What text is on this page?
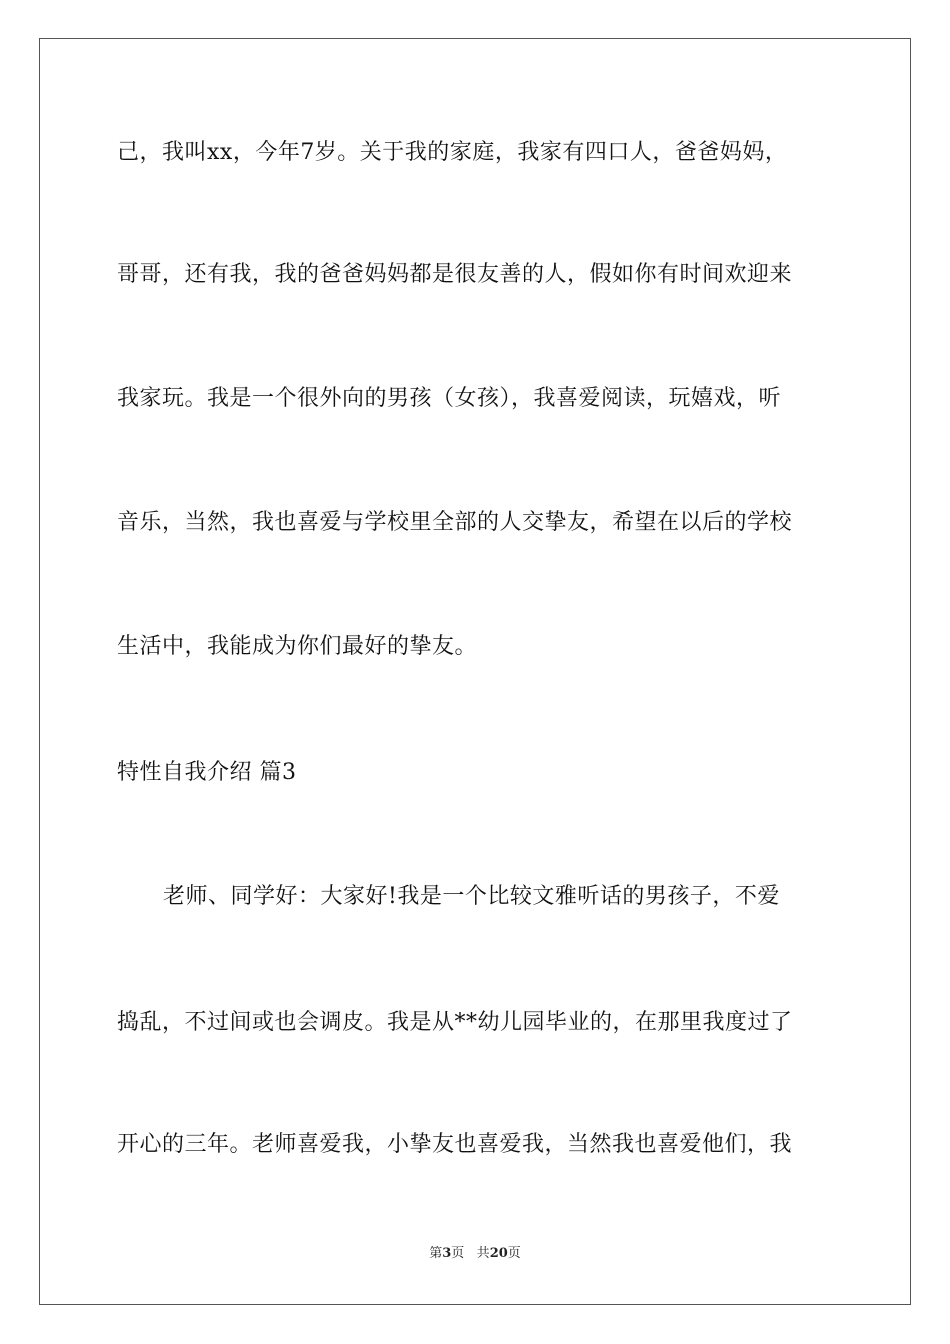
己，我叫xx，今年7岁。关于我的家庭，我家有四口人，爸爸妈妈，
哥哥，还有我，我的爸爸妈妈都是很友善的人，假如你有时间欢迎来
我家玩。我是一个很外向的男孩（女孩），我喜爱阅读，玩嬉戏，听
音乐，当然，我也喜爱与学校里全部的人交挚友，希望在以后的学校
生活中，我能成为你们最好的挚友。
特性自我介绍 篇3
老师、同学好：大家好!我是一个比较文雅听话的男孩子，不爱
捣乱，不过间或也会调皮。我是从**幼儿园毕业的，在那里我度过了
开心的三年。老师喜爱我，小挚友也喜爱我，当然我也喜爱他们，我
第3页 共20页
